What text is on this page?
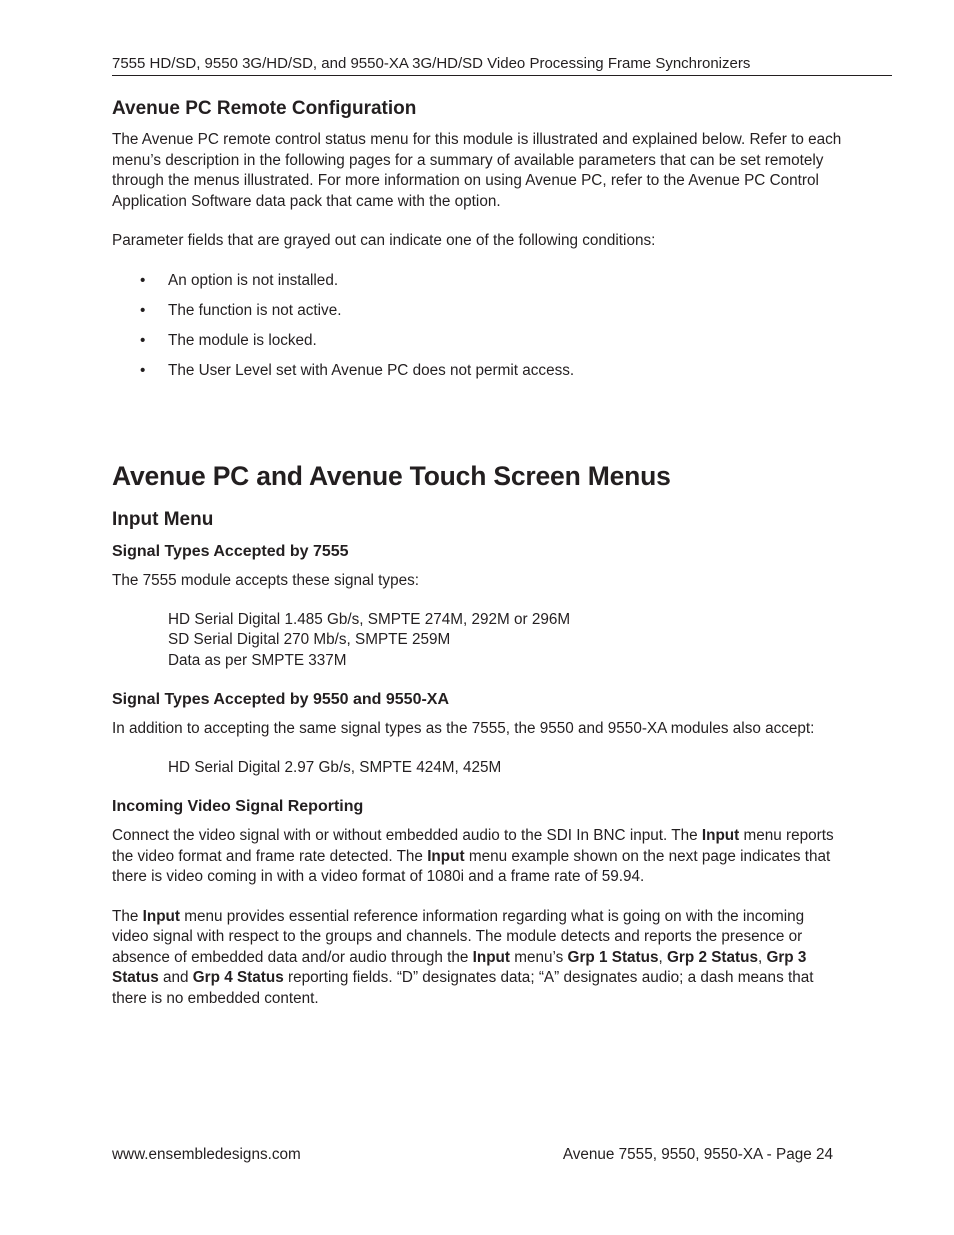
7555 HD/SD, 9550 3G/HD/SD, and 9550-XA 3G/HD/SD Video Processing Frame Synchronizers
Avenue PC Remote Configuration

The Avenue PC remote control status menu for this module is illustrated and explained below. Refer to each menu’s description in the following pages for a summary of available parameters that can be set remotely through the menus illustrated. For more information on using Avenue PC, refer to the Avenue PC Control Application Software data pack that came with the option.

Parameter fields that are grayed out can indicate one of the following conditions:

• An option is not installed.
• The function is not active.
• The module is locked.
• The User Level set with Avenue PC does not permit access.
Avenue PC and Avenue Touch Screen Menus
Input Menu
Signal Types Accepted by 7555

The 7555 module accepts these signal types:

HD Serial Digital 1.485 Gb/s, SMPTE 274M, 292M or 296M

SD Serial Digital 270 Mb/s, SMPTE 259M

Data as per SMPTE 337M

Signal Types Accepted by 9550 and 9550-XA

In addition to accepting the same signal types as the 7555, the 9550 and 9550-XA modules also accept:

HD Serial Digital 2.97 Gb/s, SMPTE 424M, 425M

Incoming Video Signal Reporting

Connect the video signal with or without embedded audio to the SDI In BNC input. The Input menu reports the video format and frame rate detected. The Input menu example shown on the next page indicates that there is video coming in with a video format of 1080i and a frame rate of 59.94.

The Input menu provides essential reference information regarding what is going on with the incoming video signal with respect to the groups and channels. The module detects and reports the presence or absence of embedded data and/or audio through the Input menu’s Grp 1 Status, Grp 2 Status, Grp 3 Status and Grp 4 Status reporting fields. “D” designates data; “A” designates audio; a dash means that there is no embedded content.

www.ensembledesigns.com	Avenue 7555, 9550, 9550-XA - Page 24
